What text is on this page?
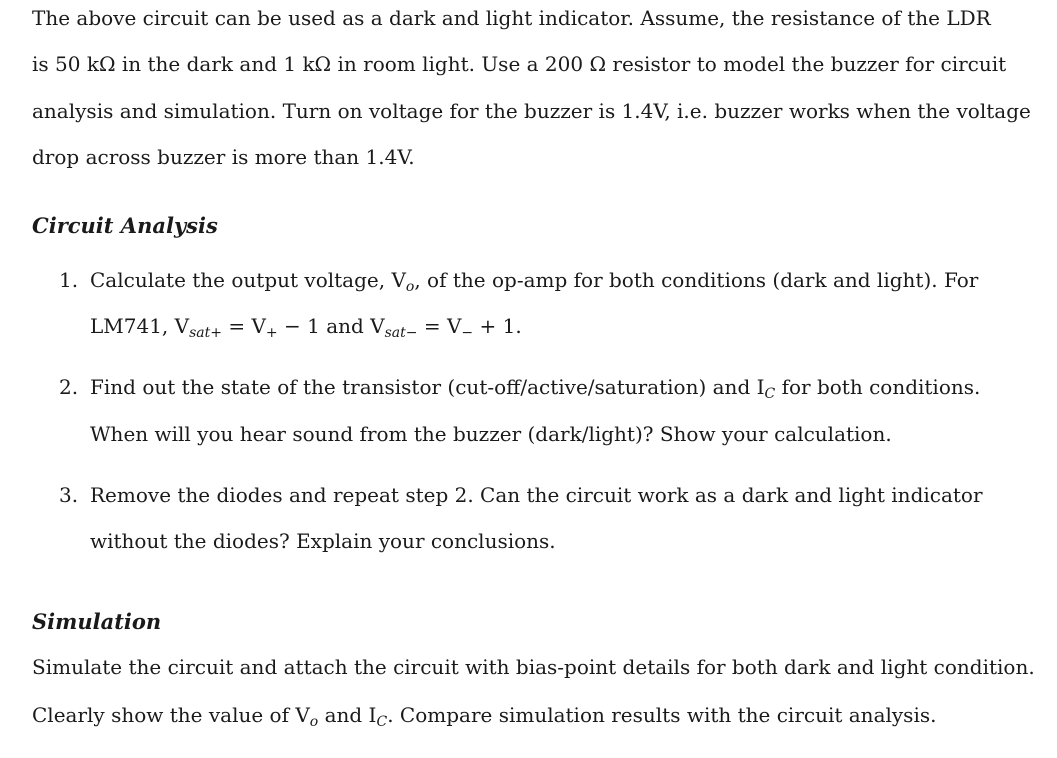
The above circuit can be used as a dark and light indicator. Assume, the resistance of the LDR
is 50 kΩ in the dark and 1 kΩ in room light. Use a 200 Ω resistor to model the buzzer for circuit
analysis and simulation. Turn on voltage for the buzzer is 1.4V, i.e. buzzer works when the voltage
drop across buzzer is more than 1.4V.
Circuit Analysis
1. Calculate the output voltage, $V_o$, of the op-amp for both conditions (dark and light). For
LM741, $V_{sat+} = V_+ - 1$ and $V_{sat-} = V_- + 1$.
2. Find out the state of the transistor (cut-off/active/saturation) and $I_C$ for both conditions.
When will you hear sound from the buzzer (dark/light)? Show your calculation.
3. Remove the diodes and repeat step 2. Can the circuit work as a dark and light indicator
without the diodes? Explain your conclusions.
Simulation
Simulate the circuit and attach the circuit with bias-point details for both dark and light condition.
Clearly show the value of $V_o$ and $I_C$. Compare simulation results with the circuit analysis.
